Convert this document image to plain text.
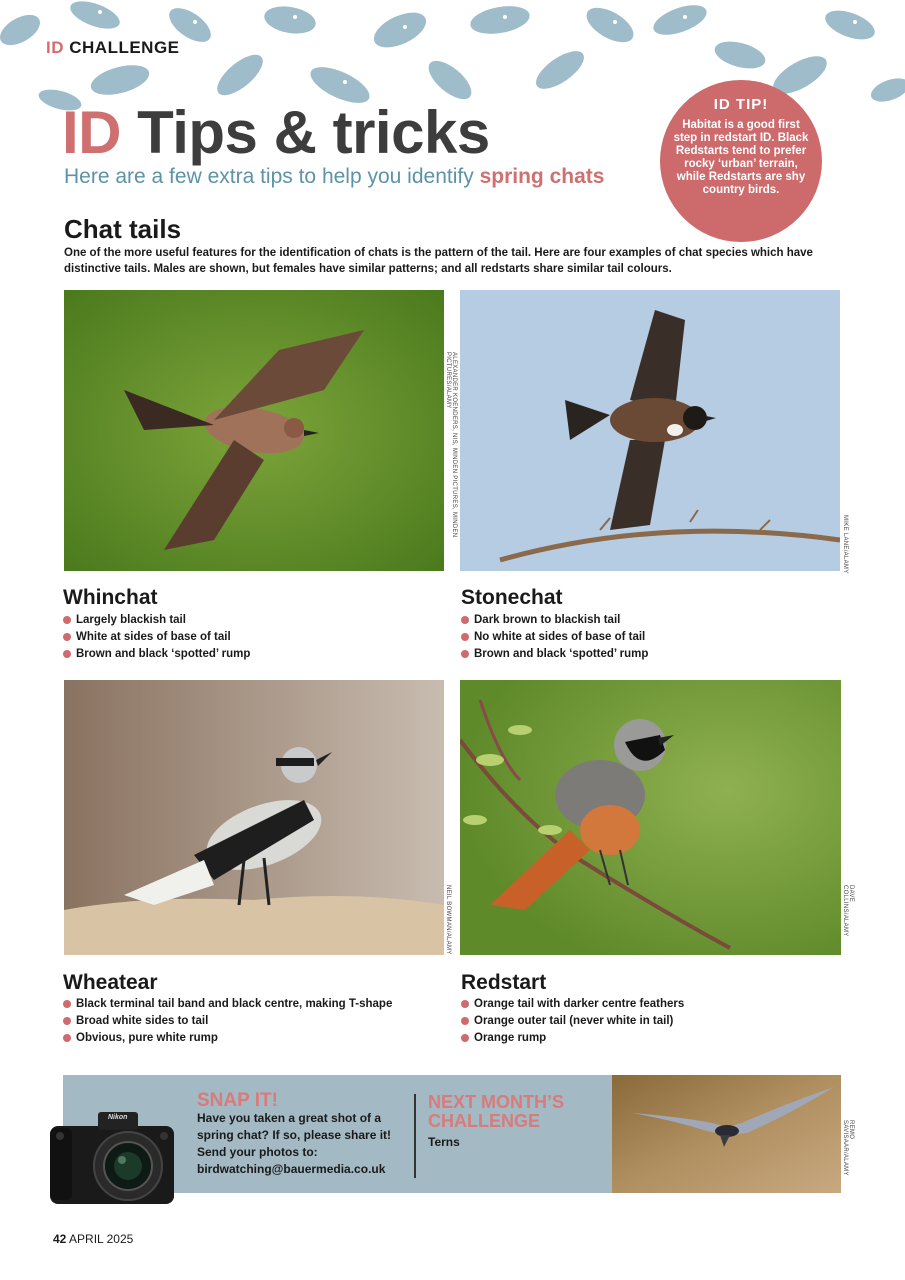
ID CHALLENGE
ID Tips & tricks
Here are a few extra tips to help you identify spring chats
ID TIP!
Habitat is a good first step in redstart ID. Black Redstarts tend to prefer rocky ‘urban’ terrain, while Redstarts are shy country birds.
Chat tails
One of the more useful features for the identification of chats is the pattern of the tail. Here are four examples of chat species which have distinctive tails. Males are shown, but females have similar patterns; and all redstarts share similar tail colours.
ALEXANDER KOENDERS, NIS, MINDEN PICTURES, MINDEN PICTURES/ALAMY
MIKE LANE/ALAMY
Whinchat
Largely blackish tail
White at sides of base of tail
Brown and black ‘spotted’ rump
Stonechat
Dark brown to blackish tail
No white at sides of base of tail
Brown and black ‘spotted’ rump
NEIL BOWMAN/ALAMY	DAVE COLLINS/ALAMY
Wheatear
Black terminal tail band and black centre, making T-shape
Broad white sides to tail
Obvious, pure white rump
Redstart
Orange tail with darker centre feathers
Orange outer tail (never white in tail)
Orange rump
REMO SAVISAAR/ALAMY
Nikon
SNAP IT!
Have you taken a great shot of a spring chat? If so, please share it! Send your photos to: birdwatching@bauermedia.co.uk
NEXT MONTH’S CHALLENGE
Terns
42 APRIL 2025
